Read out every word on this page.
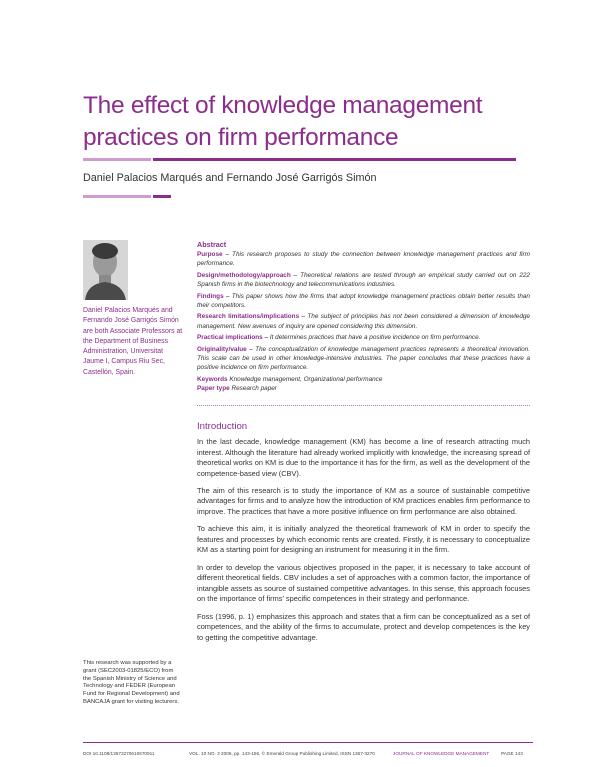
The effect of knowledge management
practices on firm performance
Daniel Palacios Marqués and Fernando José Garrigós Simón
Daniel Palacios Marqués and Fernando José Garrigós Simón are both Associate Professors at the Department of Business Administration, Universitat Jaume I, Campus Riu Sec, Castellón, Spain.
Abstract

Purpose – This research proposes to study the connection between knowledge management practices and firm performance.

Design/methodology/approach – Theoretical relations are tested through an empirical study carried out on 222 Spanish firms in the biotechnology and telecommunications industries.

Findings – This paper shows how the firms that adopt knowledge management practices obtain better results than their competitors.

Research limitations/implications – The subject of principles has not been considered a dimension of knowledge management. New avenues of inquiry are opened considering this dimension.

Practical implications – It determines practices that have a positive incidence on firm performance.

Originality/value – The conceptualization of knowledge management practices represents a theoretical innovation. This scale can be used in other knowledge-intensive industries. The paper concludes that these practices have a positive incidence on firm performance.

Keywords Knowledge management, Organizational performance

Paper type Research paper

Introduction

In the last decade, knowledge management (KM) has become a line of research attracting much interest. Although the literature had already worked implicitly with knowledge, the increasing spread of theoretical works on KM is due to the importance it has for the firm, as well as the development of the competence-based view (CBV).

The aim of this research is to study the importance of KM as a source of sustainable competitive advantages for firms and to analyze how the introduction of KM practices enables firm performance to improve. The practices that have a more positive influence on firm performance are also obtained.

To achieve this aim, it is initially analyzed the theoretical framework of KM in order to specify the features and processes by which economic rents are created. Firstly, it is necessary to conceptualize KM as a starting point for designing an instrument for measuring it in the firm.

In order to develop the various objectives proposed in the paper, it is necessary to take account of different theoretical fields. CBV includes a set of approaches with a common factor, the importance of intangible assets as source of sustained competitive advantages. In this sense, this approach focuses on the importance of firms' specific competences in their strategy and performance.

Foss (1996, p. 1) emphasizes this approach and states that a firm can be conceptualized as a set of competences, and the ability of the firms to accumulate, protect and develop competences is the key to getting the competitive advantage.

This research was supported by a grant (SEC2003-01825/ECO) from the Spanish Ministry of Science and Technology and FEDER (European Fund for Regional Development) and BANCAJA grant for visiting lecturers.
DOI 10.1108/13673270610670911	VOL. 10 NO. 3 2006, pp. 143-156, © Emerald Group Publishing Limited, ISSN 1367-3270	JOURNAL OF KNOWLEDGE MANAGEMENT	PAGE 143
